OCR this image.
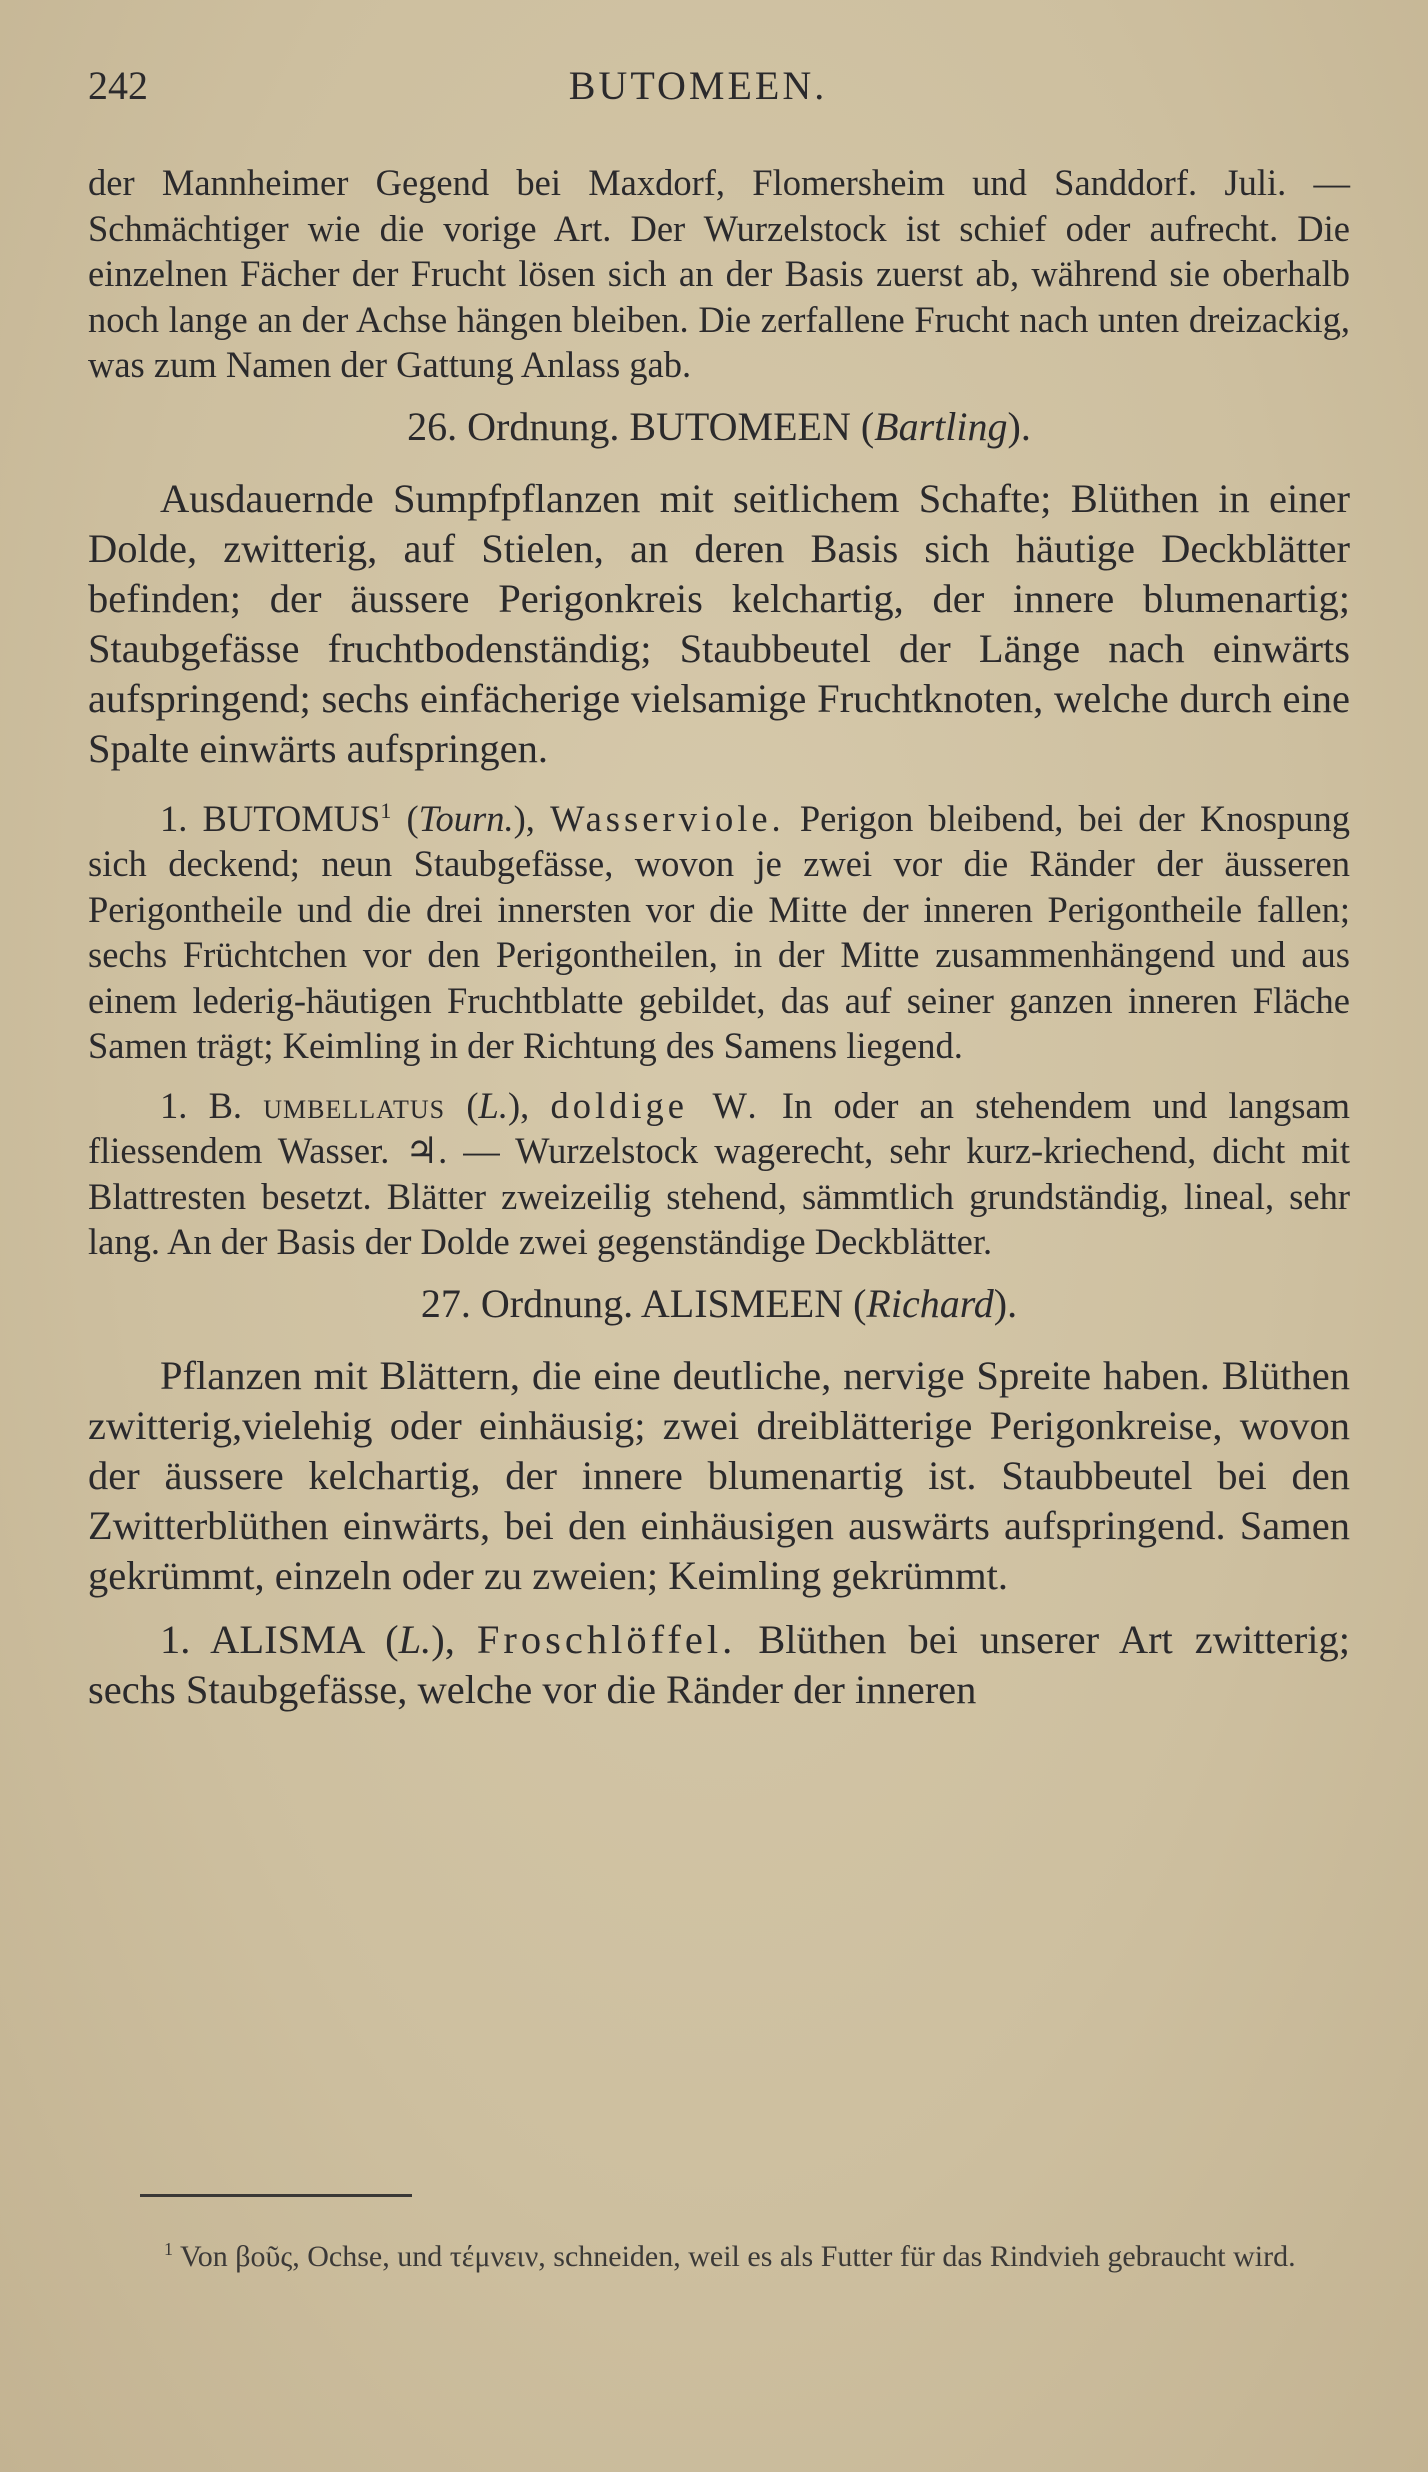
242	BUTOMEEN.

der Mannheimer Gegend bei Maxdorf, Flomersheim und Sanddorf. Juli. — Schmächtiger wie die vorige Art. Der Wurzelstock ist schief oder aufrecht. Die einzelnen Fächer der Frucht lösen sich an der Basis zuerst ab, während sie oberhalb noch lange an der Achse hängen bleiben. Die zerfallene Frucht nach unten dreizackig, was zum Namen der Gattung Anlass gab.

26. Ordnung. BUTOMEEN (Bartling).

Ausdauernde Sumpfpflanzen mit seitlichem Schafte; Blüthen in einer Dolde, zwitterig, auf Stielen, an deren Basis sich häutige Deckblätter befinden; der äussere Perigonkreis kelchartig, der innere blumenartig; Staubgefässe fruchtbodenständig; Staubbeutel der Länge nach einwärts aufspringend; sechs einfächerige vielsamige Fruchtknoten, welche durch eine Spalte einwärts aufspringen.

1. BUTOMUS$^1$ (Tourn.), Wasserviole. Perigon bleibend, bei der Knospung sich deckend; neun Staubgefässe, wovon je zwei vor die Ränder der äusseren Perigontheile und die drei innersten vor die Mitte der inneren Perigontheile fallen; sechs Früchtchen vor den Perigontheilen, in der Mitte zusammenhängend und aus einem lederig-häutigen Fruchtblatte gebildet, das auf seiner ganzen inneren Fläche Samen trägt; Keimling in der Richtung des Samens liegend.

1. B. umbellatus (L.), doldige W. In oder an stehendem und langsam fliessendem Wasser. ♃. — Wurzelstock wagerecht, sehr kurz-kriechend, dicht mit Blattresten besetzt. Blätter zweizeilig stehend, sämmtlich grundständig, lineal, sehr lang. An der Basis der Dolde zwei gegenständige Deckblätter.

27. Ordnung. ALISMEEN (Richard).

Pflanzen mit Blättern, die eine deutliche, nervige Spreite haben. Blüthen zwitterig,vielehig oder einhäusig; zwei dreiblätterige Perigonkreise, wovon der äussere kelchartig, der innere blumenartig ist. Staubbeutel bei den Zwitterblüthen einwärts, bei den einhäusigen auswärts aufspringend. Samen gekrümmt, einzeln oder zu zweien; Keimling gekrümmt.

1. ALISMA (L.), Froschlöffel. Blüthen bei unserer Art zwitterig; sechs Staubgefässe, welche vor die Ränder der inneren

$^1$ Von βοῦς, Ochse, und τέμνειν, schneiden, weil es als Futter für das Rindvieh gebraucht wird.
